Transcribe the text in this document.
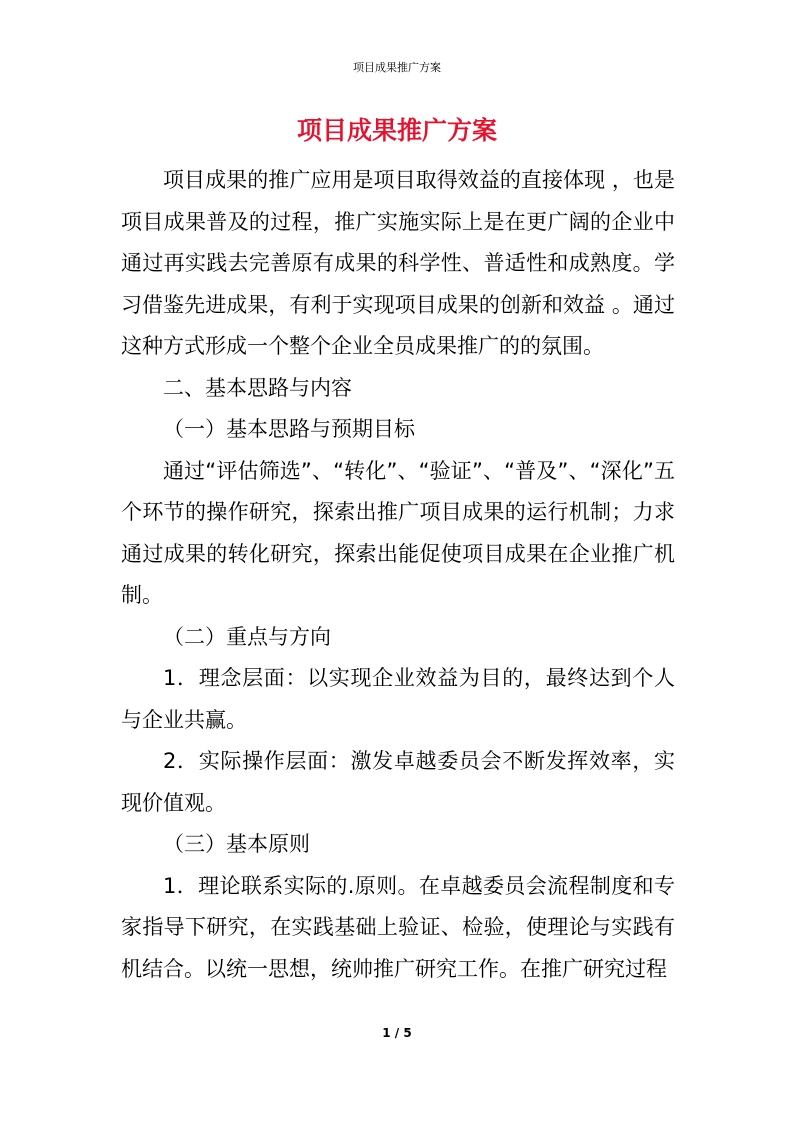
项目成果推广方案
项目成果推广方案

项目成果的推广应用是项目取得效益的直接体现 ，也是项目成果普及的过程，推广实施实际上是在更广阔的企业中通过再实践去完善原有成果的科学性、普适性和成熟度。学习借鉴先进成果，有利于实现项目成果的创新和效益 。通过这种方式形成一个整个企业全员成果推广的的氛围。

二、基本思路与内容

（一）基本思路与预期目标

通过“评估筛选”、“转化”、“验证”、“普及”、“深化”五个环节的操作研究，探索出推广项目成果的运行机制；力求通过成果的转化研究，探索出能促使项目成果在企业推广机制。

（二）重点与方向

1．理念层面：以实现企业效益为目的，最终达到个人与企业共赢。

2．实际操作层面：激发卓越委员会不断发挥效率，实现价值观。

（三）基本原则

1．理论联系实际的.原则。在卓越委员会流程制度和专家指导下研究，在实践基础上验证、检验，使理论与实践有机结合。以统一思想，统帅推广研究工作。在推广研究过程

1 / 5
